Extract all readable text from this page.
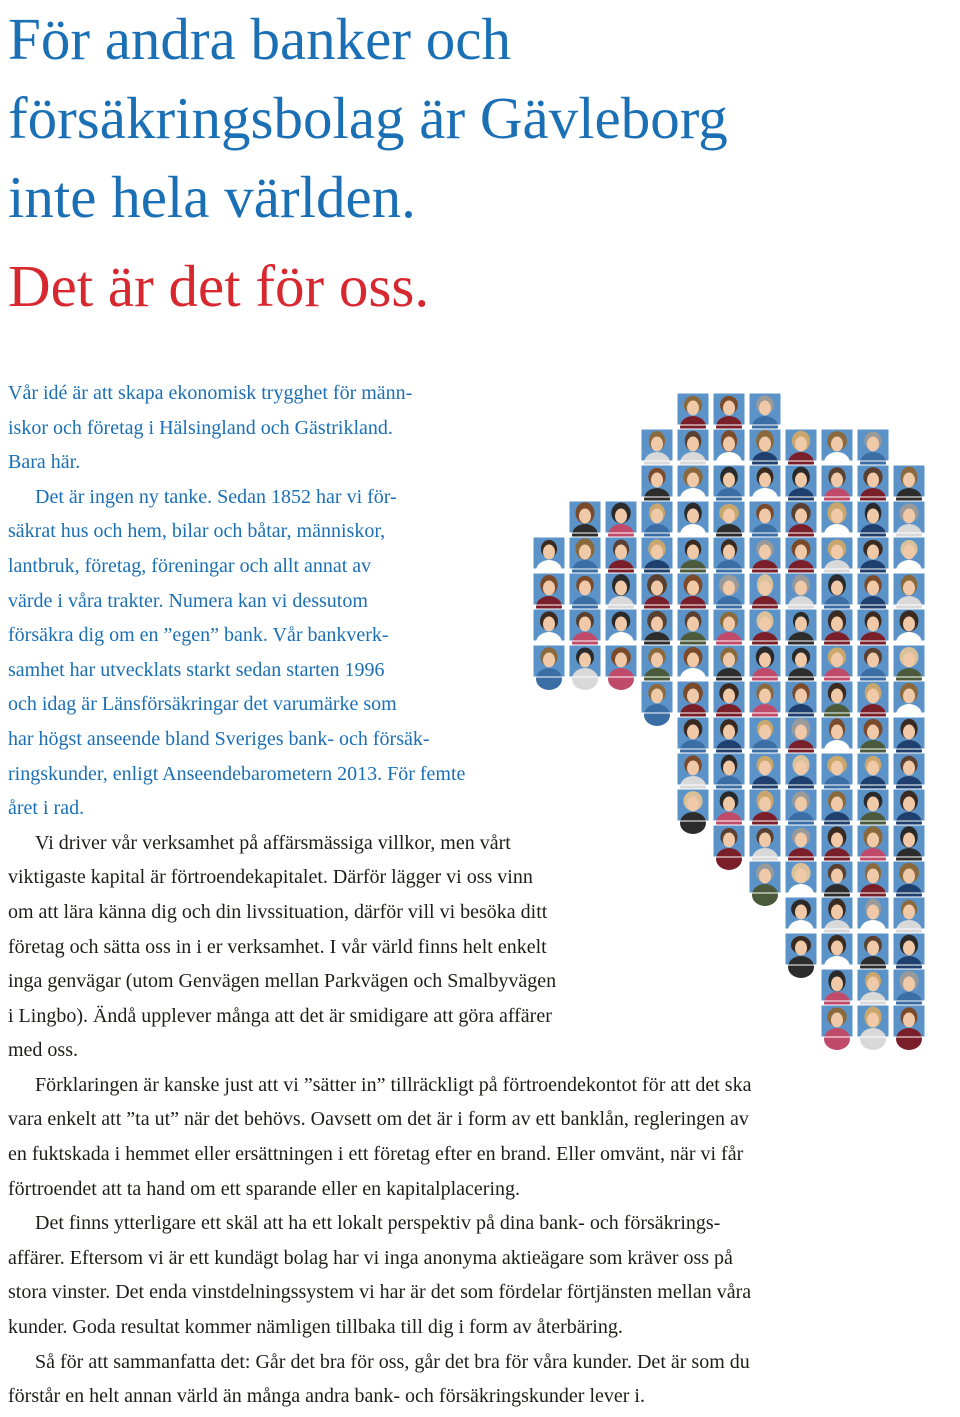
För andra banker och
försäkringsbolag är Gävleborg
inte hela världen.
Det är det för oss.
Vår idé är att skapa ekonomisk trygghet för männ-
iskor och företag i Hälsingland och Gästrikland.
Bara här.
Det är ingen ny tanke. Sedan 1852 har vi för-
säkrat hus och hem, bilar och båtar, människor,
lantbruk, företag, föreningar och allt annat av
värde i våra trakter. Numera kan vi dessutom
försäkra dig om en ”egen” bank. Vår bankverk-
samhet har utvecklats starkt sedan starten 1996
och idag är Länsförsäkringar det varumärke som
har högst anseende bland Sveriges bank- och försäk-
ringskunder, enligt Anseendebarometern 2013. För femte
året i rad.
Vi driver vår verksamhet på affärsmässiga villkor, men vårt
viktigaste kapital är förtroendekapitalet. Därför lägger vi oss vinn
om att lära känna dig och din livssituation, därför vill vi besöka ditt
företag och sätta oss in i er verksamhet. I vår värld finns helt enkelt
inga genvägar (utom Genvägen mellan Parkvägen och Smalbyvägen
i Lingbo). Ändå upplever många att det är smidigare att göra affärer
med oss.
Förklaringen är kanske just att vi ”sätter in” tillräckligt på förtroendekontot för att det ska
vara enkelt att ”ta ut” när det behövs. Oavsett om det är i form av ett banklån, regleringen av
en fuktskada i hemmet eller ersättningen i ett företag efter en brand. Eller omvänt, när vi får
förtroendet att ta hand om ett sparande eller en kapitalplacering.
Det finns ytterligare ett skäl att ha ett lokalt perspektiv på dina bank- och försäkrings-
affärer. Eftersom vi är ett kundägt bolag har vi inga anonyma aktieägare som kräver oss på
stora vinster. Det enda vinstdelningssystem vi har är det som fördelar förtjänsten mellan våra
kunder. Goda resultat kommer nämligen tillbaka till dig i form av återbäring.
Så för att sammanfatta det: Går det bra för oss, går det bra för våra kunder. Det är som du
förstår en helt annan värld än många andra bank- och försäkringskunder lever i.
